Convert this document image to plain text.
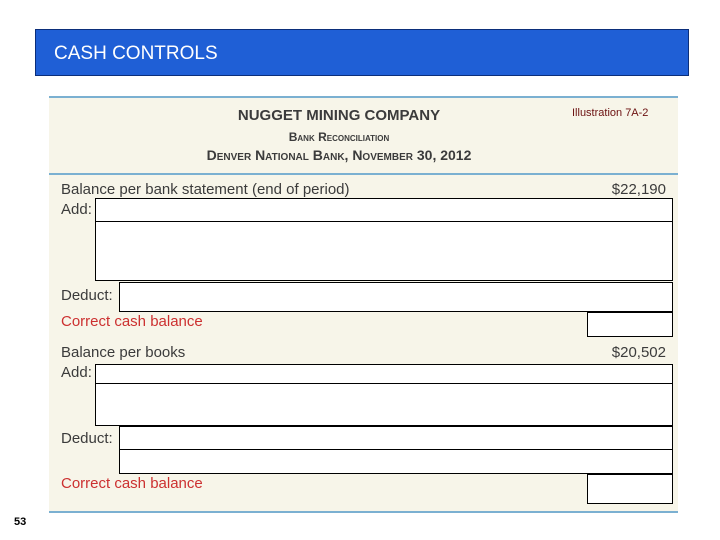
CASH CONTROLS
Illustration 7A-2
NUGGET MINING COMPANY
Bank Reconciliation
Denver National Bank, November 30, 2012
Balance per bank statement (end of period)	$22,190
Add:
Deduct:
Correct cash balance
Balance per books	$20,502
Add:
Deduct:
Correct cash balance
53
